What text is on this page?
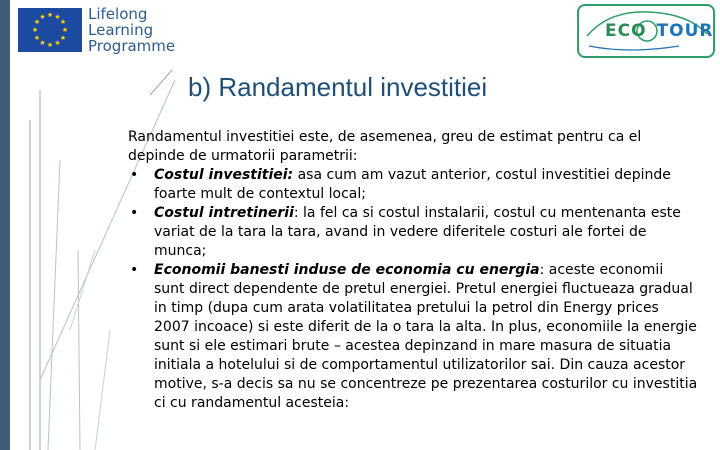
★ ★
★
★
★
★
★
★
★
★
★
★	Lifelong
Learning
Programme
ECO TOUR
b) Randamentul investitiei

Randamentul investitiei este, de asemenea, greu de estimat pentru ca el depinde de urmatorii parametrii:

• Costul investitiei: asa cum am vazut anterior, costul investitiei depinde foarte mult de contextul local;
• Costul intretinerii: la fel ca si costul instalarii, costul cu mentenanta este variat de la tara la tara, avand in vedere diferitele costuri ale fortei de munca;
• Economii banesti induse de economia cu energia: aceste economii sunt direct dependente de pretul energiei. Pretul energiei fluctueaza gradual in timp (dupa cum arata volatilitatea pretului la petrol din Energy prices 2007 incoace) si este diferit de la o tara la alta. In plus, economiile la energie sunt si ele estimari brute – acestea depinzand in mare masura de situatia initiala a hotelului si de comportamentul utilizatorilor sai. Din cauza acestor motive, s-a decis sa nu se concentreze pe prezentarea costurilor cu investitia ci cu randamentul acesteia:
